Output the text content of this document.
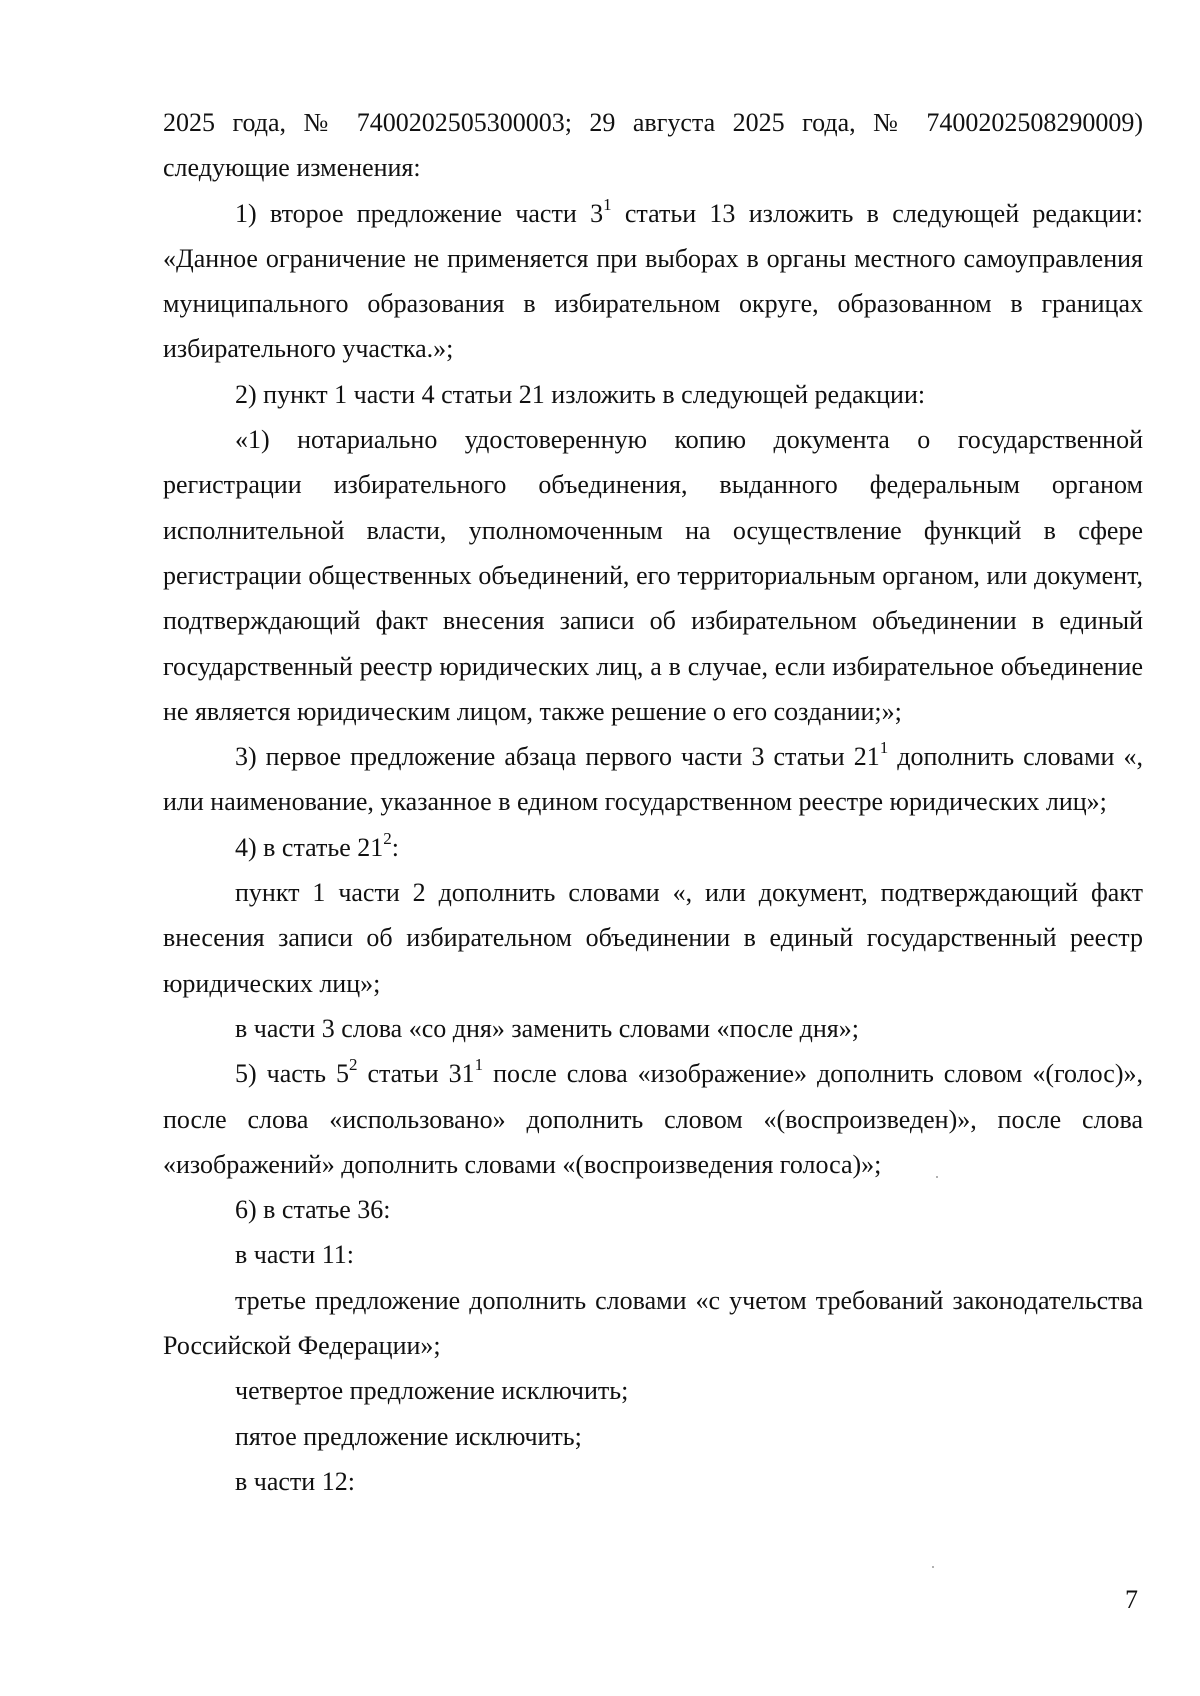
2025 года, № 7400202505300003; 29 августа 2025 года, № 7400202508290009) следующие изменения:

1) второе предложение части $3^1$ статьи 13 изложить в следующей редакции: «Данное ограничение не применяется при выборах в органы местного самоуправления муниципального образования в избирательном округе, образованном в границах избирательного участка.»;

2) пункт 1 части 4 статьи 21 изложить в следующей редакции:

«1) нотариально удостоверенную копию документа о государственной регистрации избирательного объединения, выданного федеральным органом исполнительной власти, уполномоченным на осуществление функций в сфере регистрации общественных объединений, его территориальным органом, или документ, подтверждающий факт внесения записи об избирательном объединении в единый государственный реестр юридических лиц, а в случае, если избирательное объединение не является юридическим лицом, также решение о его создании;»;

3) первое предложение абзаца первого части 3 статьи $21^1$ дополнить словами «, или наименование, указанное в едином государственном реестре юридических лиц»;

4) в статье $21^2$:

пункт 1 части 2 дополнить словами «, или документ, подтверждающий факт внесения записи об избирательном объединении в единый государственный реестр юридических лиц»;

в части 3 слова «со дня» заменить словами «после дня»;

5) часть $5^2$ статьи $31^1$ после слова «изображение» дополнить словом «(голос)», после слова «использовано» дополнить словом «(воспроизведен)», после слова «изображений» дополнить словами «(воспроизведения голоса)»;

6) в статье 36:

в части 11:

третье предложение дополнить словами «с учетом требований законодательства Российской Федерации»;

четвертое предложение исключить;

пятое предложение исключить;

в части 12:

7
